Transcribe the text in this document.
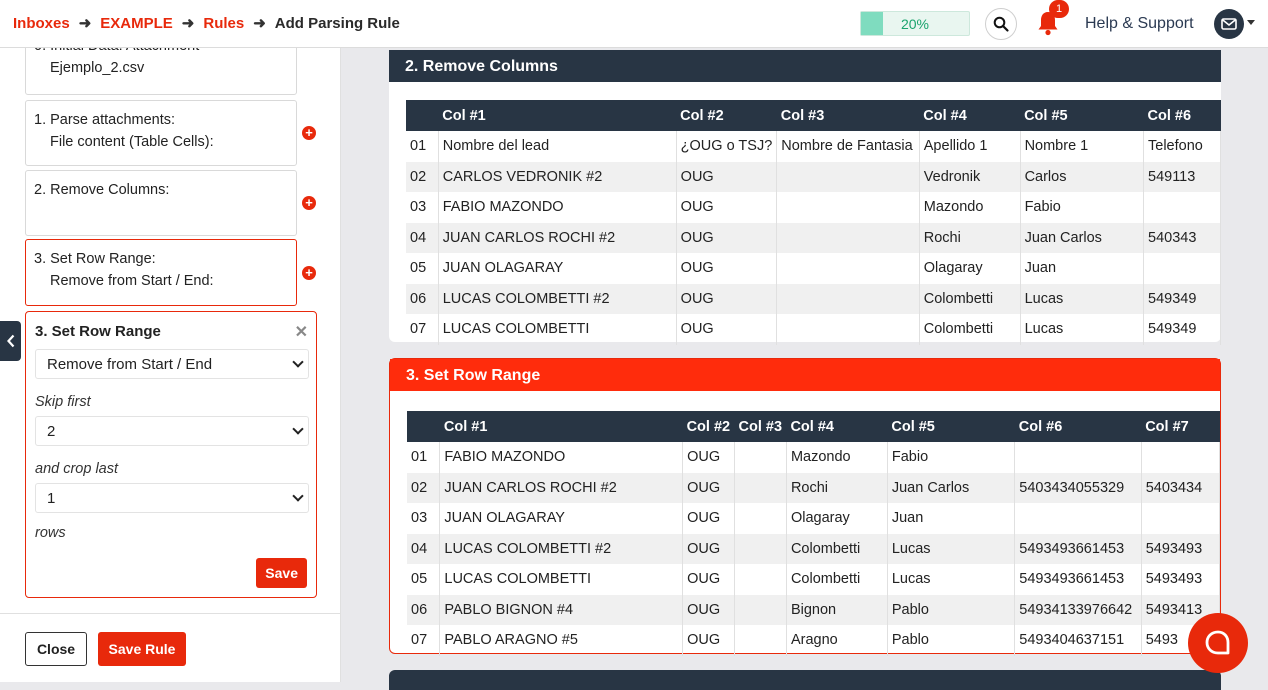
Inboxes ➜ EXAMPLE ➜ Rules ➜ Add Parsing Rule	20%
1
Help & Support
Ejemplo_2.csv
1. Parse attachments:
File content (Table Cells):
+
2. Remove Columns:
+
3. Set Row Range:
Remove from Start / End:
+
3. Set Row Range	✕
Remove from Start / End
Skip first
2
and crop last
1
rows
Save
Close	Save Rule
2. Remove Columns
	Col #1	Col #2	Col #3	Col #4	Col #5	Col #6
01	Nombre del lead	¿OUG o TSJ?	Nombre de Fantasia	Apellido 1	Nombre 1	Telefono
02	CARLOS VEDRONIK #2	OUG		Vedronik	Carlos	549113
03	FABIO MAZONDO	OUG		Mazondo	Fabio	
04	JUAN CARLOS ROCHI #2	OUG		Rochi	Juan Carlos	540343
05	JUAN OLAGARAY	OUG		Olagaray	Juan	
06	LUCAS COLOMBETTI #2	OUG		Colombetti	Lucas	549349
07	LUCAS COLOMBETTI	OUG		Colombetti	Lucas	549349
3. Set Row Range
	Col #1	Col #2	Col #3	Col #4	Col #5	Col #6	Col #7
01	FABIO MAZONDO	OUG		Mazondo	Fabio		
02	JUAN CARLOS ROCHI #2	OUG		Rochi	Juan Carlos	5403434055329	5403434
03	JUAN OLAGARAY	OUG		Olagaray	Juan		
04	LUCAS COLOMBETTI #2	OUG		Colombetti	Lucas	5493493661453	5493493
05	LUCAS COLOMBETTI	OUG		Colombetti	Lucas	5493493661453	5493493
06	PABLO BIGNON #4	OUG		Bignon	Pablo	54934133976642	5493413
07	PABLO ARAGNO #5	OUG		Aragno	Pablo	5493404637151	5493
